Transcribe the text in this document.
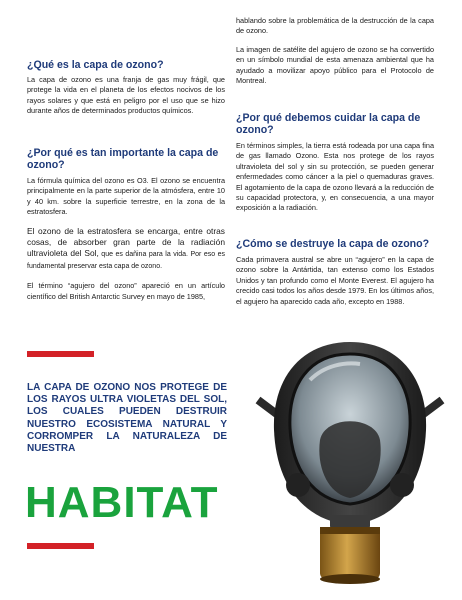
¿Qué es la capa de ozono?

La capa de ozono es una franja de gas muy frágil, que protege la vida en el planeta de los efectos nocivos de los rayos solares y que está en peligro por el uso que se hizo durante años de determinados productos químicos.

¿Por qué es tan importante la capa de ozono?

La fórmula química del ozono es O3. El ozono se encuentra principalmente en la parte superior de la atmósfera, entre 10 y 40 km. sobre la superficie terrestre, en la zona de la estratosfera.

El ozono de la estratosfera se encarga, entre otras cosas, de absorber gran parte de la radiación ultravioleta del Sol, que es dañina para la vida. Por eso es fundamental preservar esta capa de ozono.

El término “agujero del ozono” apareció en un artículo científico del British Antarctic Survey en mayo de 1985,

hablando sobre la problemática de la destrucción de la capa de ozono.

La imagen de satélite del agujero de ozono se ha convertido en un símbolo mundial de esta amenaza ambiental que ha ayudado a movilizar apoyo público para el Protocolo de Montreal.

¿Por qué debemos cuidar la capa de ozono?

En términos simples, la tierra está rodeada por una capa fina de gas llamado Ozono. Esta nos protege de los rayos ultravioleta del sol y sin su protección, se pueden generar enfermedades como cáncer a la piel o quemaduras graves. El agotamiento de la capa de ozono llevará a la reducción de su capacidad protectora, y, en consecuencia, a una mayor exposición a la radiación.

¿Cómo se destruye la capa de ozono?

Cada primavera austral se abre un “agujero” en la capa de ozono sobre la Antártida, tan extenso como los Estados Unidos y tan profundo como el Monte Everest. El agujero ha crecido casi todos los años desde 1979. En los últimos años, el agujero ha aparecido cada año, excepto en 1988.

LA CAPA DE OZONO NOS PROTEGE DE LOS RAYOS ULTRA VIOLETAS DEL SOL, LOS CUALES PUEDEN DESTRUIR NUESTRO ECOSISTEMA NATURAL Y CORROMPER LA NATURALEZA DE NUESTRA

HABITAT
